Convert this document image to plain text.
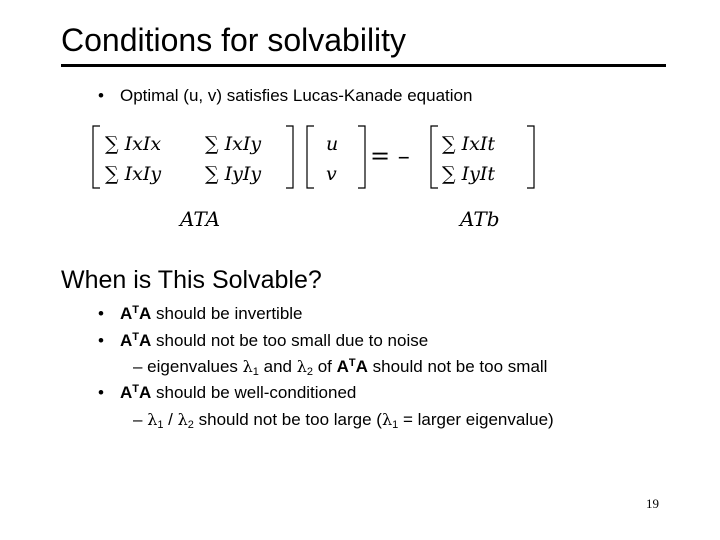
Conditions for solvability
• Optimal (u, v) satisfies Lucas-Kanade equation
∑ IxIx ∑ IxIy
∑ IxIy ∑ IyIy
u
v
= – ∑ IxIt
∑ IyIt
ATA	ATb
When is This Solvable?
• $A^TA$ should be invertible
• $A^TA$ should not be too small due to noise
– eigenvalues $\lambda_1$ and $\lambda_2$ of $A^TA$ should not be too small
• $A^TA$ should be well-conditioned
– $\lambda_1 / \lambda_2$ should not be too large ($\lambda_1$ = larger eigenvalue)
19
